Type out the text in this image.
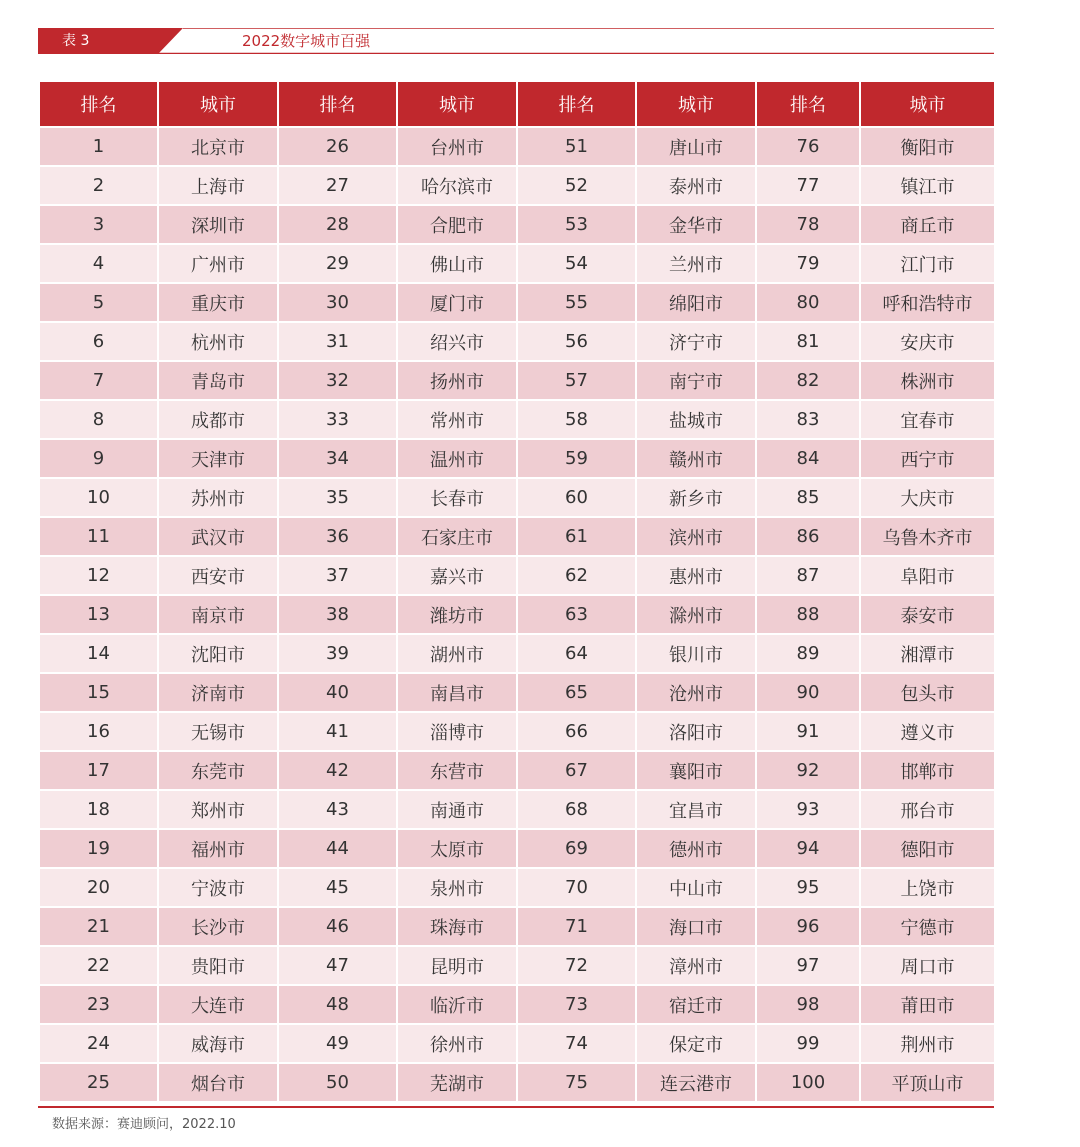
表 3	2022数字城市百强
排名	城市	排名	城市	排名	城市	排名	城市
1	北京市	26	台州市	51	唐山市	76	衡阳市
2	上海市	27	哈尔滨市	52	泰州市	77	镇江市
3	深圳市	28	合肥市	53	金华市	78	商丘市
4	广州市	29	佛山市	54	兰州市	79	江门市
5	重庆市	30	厦门市	55	绵阳市	80	呼和浩特市
6	杭州市	31	绍兴市	56	济宁市	81	安庆市
7	青岛市	32	扬州市	57	南宁市	82	株洲市
8	成都市	33	常州市	58	盐城市	83	宜春市
9	天津市	34	温州市	59	赣州市	84	西宁市
10	苏州市	35	长春市	60	新乡市	85	大庆市
11	武汉市	36	石家庄市	61	滨州市	86	乌鲁木齐市
12	西安市	37	嘉兴市	62	惠州市	87	阜阳市
13	南京市	38	潍坊市	63	滁州市	88	泰安市
14	沈阳市	39	湖州市	64	银川市	89	湘潭市
15	济南市	40	南昌市	65	沧州市	90	包头市
16	无锡市	41	淄博市	66	洛阳市	91	遵义市
17	东莞市	42	东营市	67	襄阳市	92	邯郸市
18	郑州市	43	南通市	68	宜昌市	93	邢台市
19	福州市	44	太原市	69	德州市	94	德阳市
20	宁波市	45	泉州市	70	中山市	95	上饶市
21	长沙市	46	珠海市	71	海口市	96	宁德市
22	贵阳市	47	昆明市	72	漳州市	97	周口市
23	大连市	48	临沂市	73	宿迁市	98	莆田市
24	威海市	49	徐州市	74	保定市	99	荆州市
25	烟台市	50	芜湖市	75	连云港市	100	平顶山市
数据来源：赛迪顾问，2022.10
